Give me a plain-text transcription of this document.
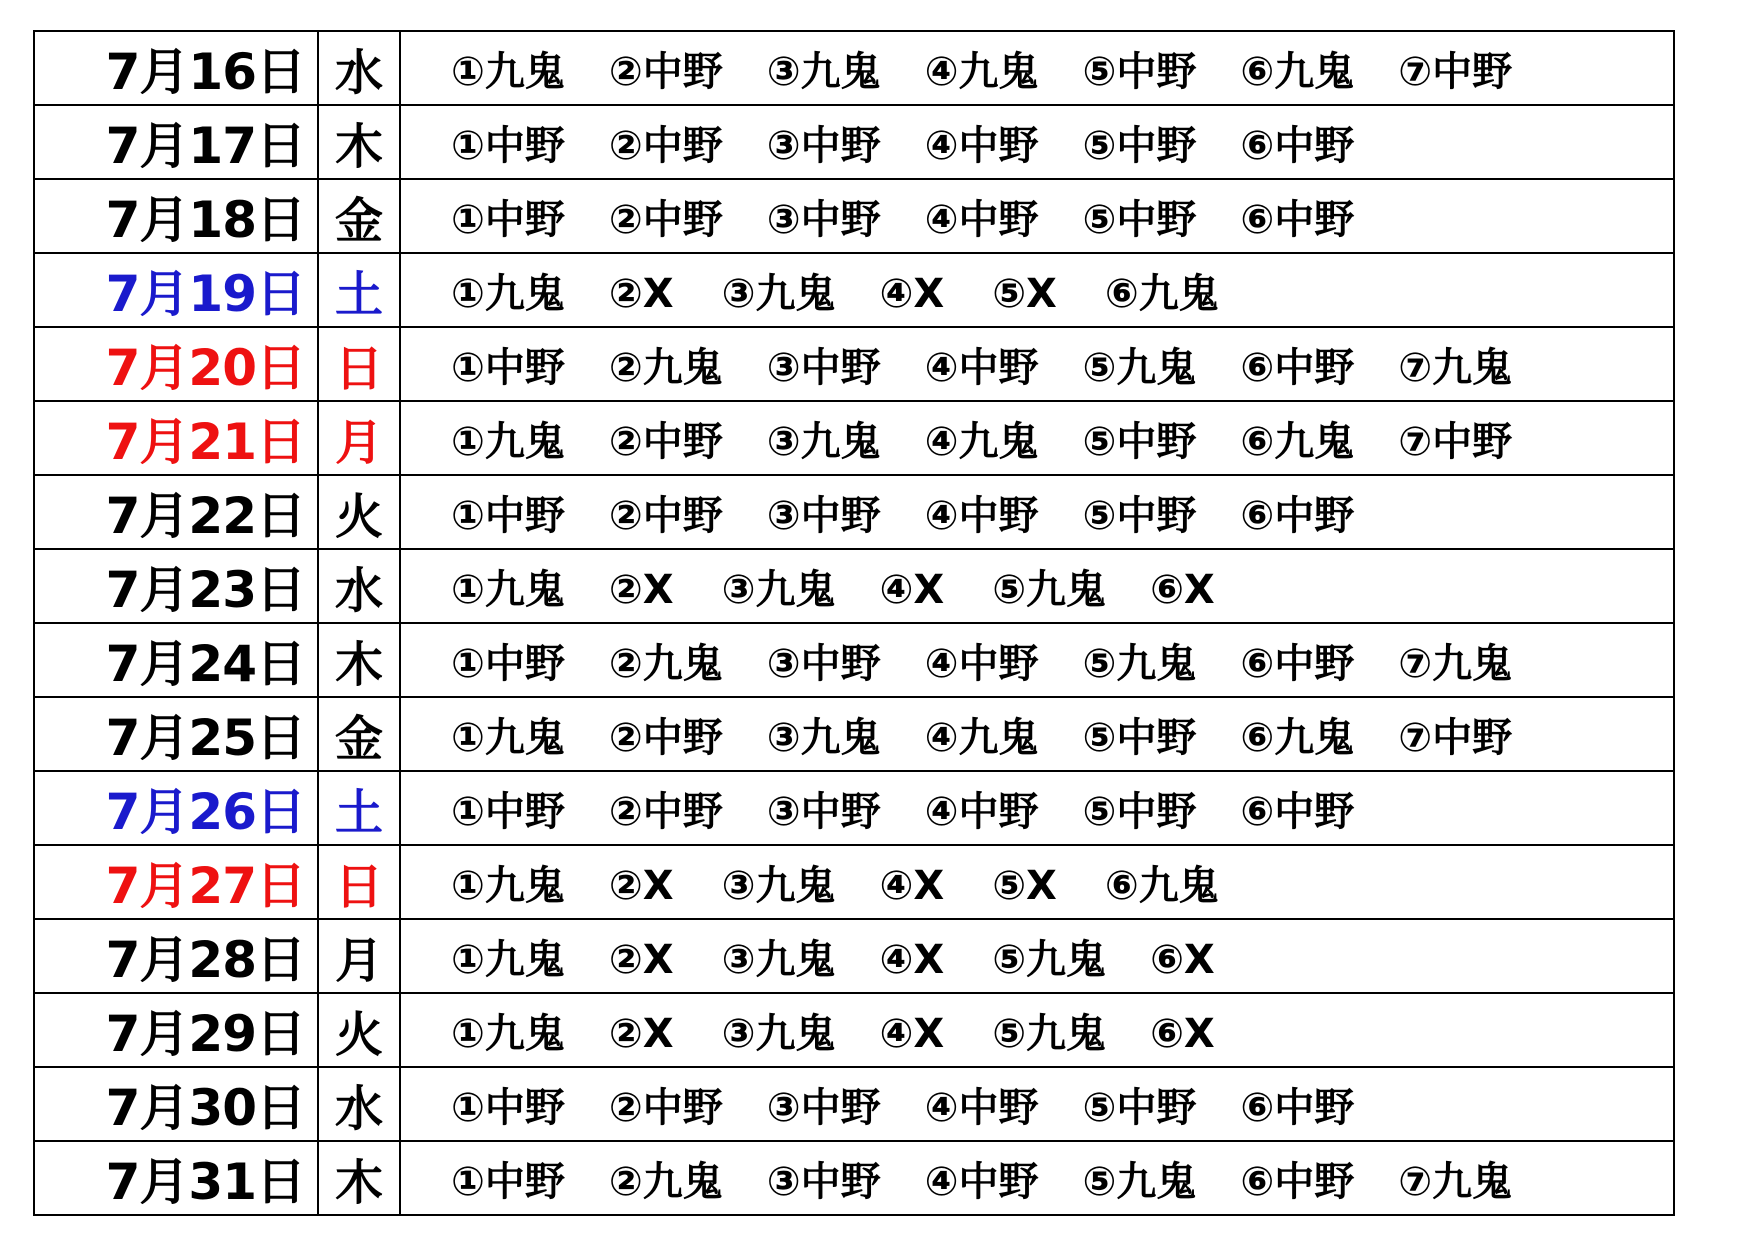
7月16日	水	①九鬼 ②中野 ③九鬼 ④九鬼 ⑤中野 ⑥九鬼 ⑦中野
7月17日	木	①中野 ②中野 ③中野 ④中野 ⑤中野 ⑥中野
7月18日	金	①中野 ②中野 ③中野 ④中野 ⑤中野 ⑥中野
7月19日	土	①九鬼 ②X ③九鬼 ④X ⑤X ⑥九鬼
7月20日	日	①中野 ②九鬼 ③中野 ④中野 ⑤九鬼 ⑥中野 ⑦九鬼
7月21日	月	①九鬼 ②中野 ③九鬼 ④九鬼 ⑤中野 ⑥九鬼 ⑦中野
7月22日	火	①中野 ②中野 ③中野 ④中野 ⑤中野 ⑥中野
7月23日	水	①九鬼 ②X ③九鬼 ④X ⑤九鬼 ⑥X
7月24日	木	①中野 ②九鬼 ③中野 ④中野 ⑤九鬼 ⑥中野 ⑦九鬼
7月25日	金	①九鬼 ②中野 ③九鬼 ④九鬼 ⑤中野 ⑥九鬼 ⑦中野
7月26日	土	①中野 ②中野 ③中野 ④中野 ⑤中野 ⑥中野
7月27日	日	①九鬼 ②X ③九鬼 ④X ⑤X ⑥九鬼
7月28日	月	①九鬼 ②X ③九鬼 ④X ⑤九鬼 ⑥X
7月29日	火	①九鬼 ②X ③九鬼 ④X ⑤九鬼 ⑥X
7月30日	水	①中野 ②中野 ③中野 ④中野 ⑤中野 ⑥中野
7月31日	木	①中野 ②九鬼 ③中野 ④中野 ⑤九鬼 ⑥中野 ⑦九鬼
